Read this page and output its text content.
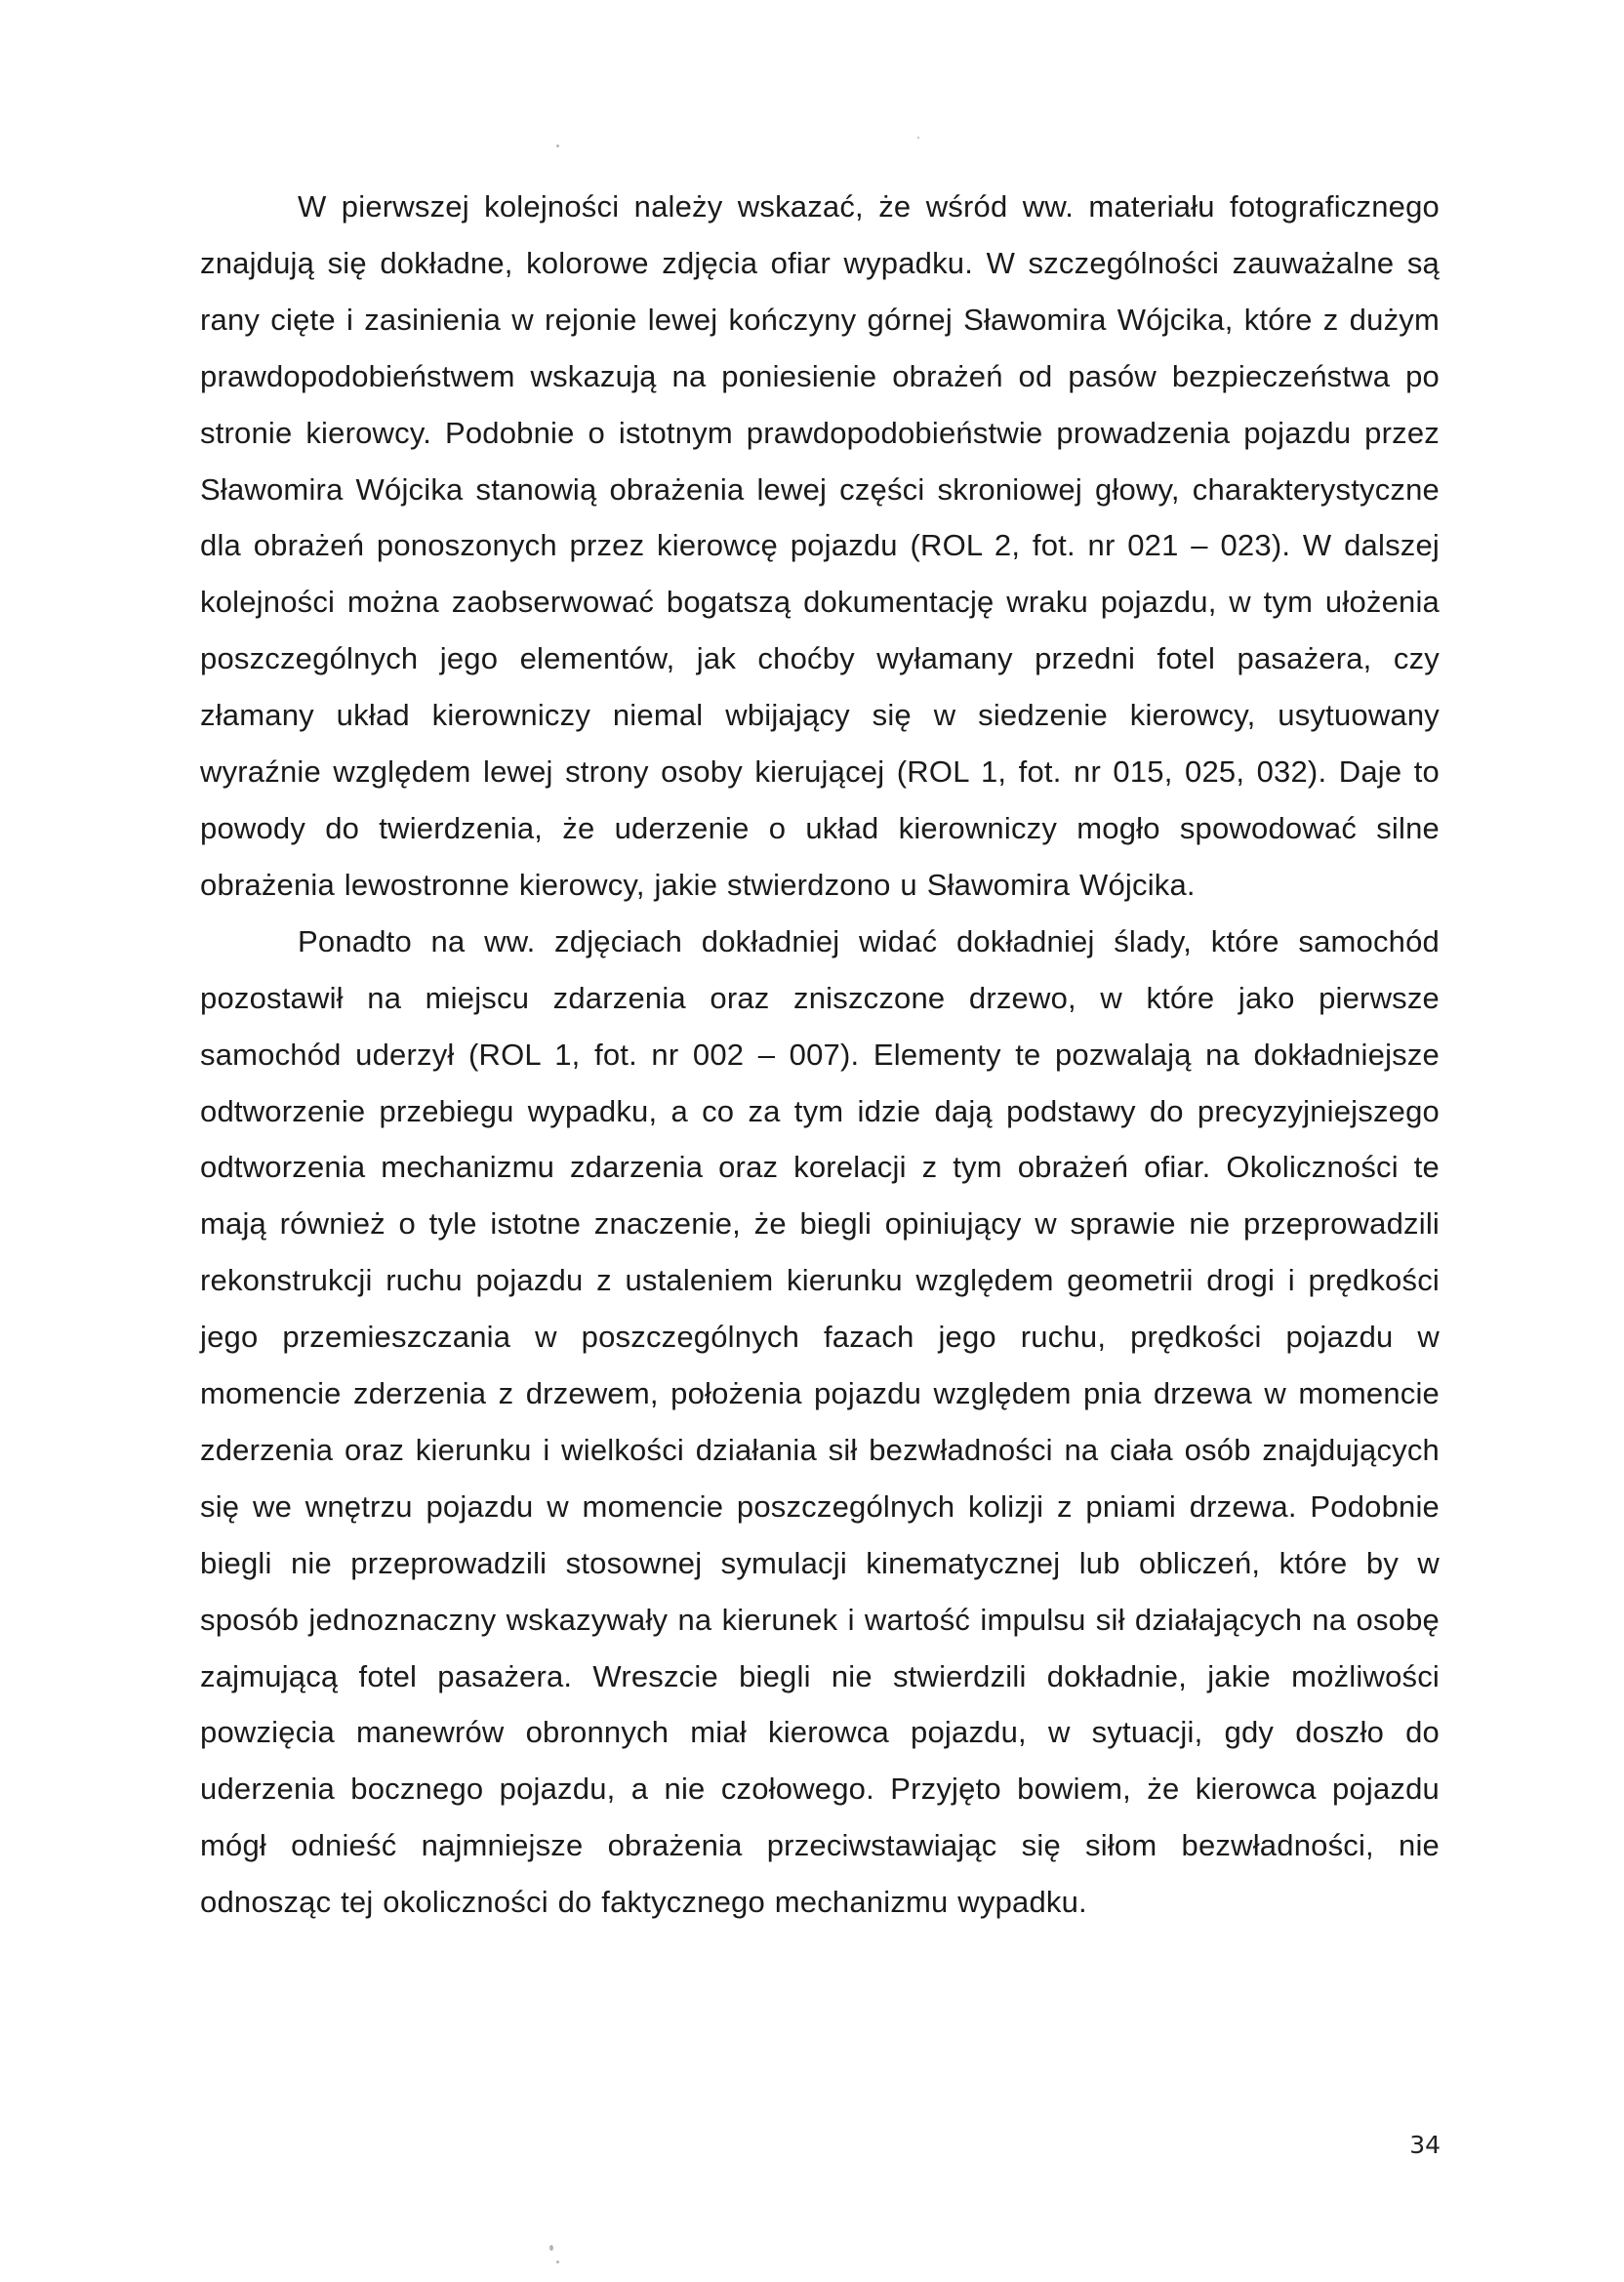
W pierwszej kolejności należy wskazać, że wśród ww. materiału fotograficznego znajdują się dokładne, kolorowe zdjęcia ofiar wypadku. W szczególności zauważalne są rany cięte i zasinienia w rejonie lewej kończyny górnej Sławomira Wójcika, które z dużym prawdopodobieństwem wskazują na poniesienie obrażeń od pasów bezpieczeństwa po stronie kierowcy. Podobnie o istotnym prawdopodobieństwie prowadzenia pojazdu przez Sławomira Wójcika stanowią obrażenia lewej części skroniowej głowy, charakterystyczne dla obrażeń ponoszonych przez kierowcę pojazdu (ROL 2, fot. nr 021 – 023). W dalszej kolejności można zaobserwować bogatszą dokumentację wraku pojazdu, w tym ułożenia poszczególnych jego elementów, jak choćby wyłamany przedni fotel pasażera, czy złamany układ kierowniczy niemal wbijający się w siedzenie kierowcy, usytuowany wyraźnie względem lewej strony osoby kierującej (ROL 1, fot. nr 015, 025, 032). Daje to powody do twierdzenia, że uderzenie o układ kierowniczy mogło spowodować silne obrażenia lewostronne kierowcy, jakie stwierdzono u Sławomira Wójcika.

Ponadto na ww. zdjęciach dokładniej widać dokładniej ślady, które samochód pozostawił na miejscu zdarzenia oraz zniszczone drzewo, w które jako pierwsze samochód uderzył (ROL 1, fot. nr 002 – 007). Elementy te pozwalają na dokładniejsze odtworzenie przebiegu wypadku, a co za tym idzie dają podstawy do precyzyjniejszego odtworzenia mechanizmu zdarzenia oraz korelacji z tym obrażeń ofiar. Okoliczności te mają również o tyle istotne znaczenie, że biegli opiniujący w sprawie nie przeprowadzili rekonstrukcji ruchu pojazdu z ustaleniem kierunku względem geometrii drogi i prędkości jego przemieszczania w poszczególnych fazach jego ruchu, prędkości pojazdu w momencie zderzenia z drzewem, położenia pojazdu względem pnia drzewa w momencie zderzenia oraz kierunku i wielkości działania sił bezwładności na ciała osób znajdujących się we wnętrzu pojazdu w momencie poszczególnych kolizji z pniami drzewa. Podobnie biegli nie przeprowadzili stosownej symulacji kinematycznej lub obliczeń, które by w sposób jednoznaczny wskazywały na kierunek i wartość impulsu sił działających na osobę zajmującą fotel pasażera. Wreszcie biegli nie stwierdzili dokładnie, jakie możliwości powzięcia manewrów obronnych miał kierowca pojazdu, w sytuacji, gdy doszło do uderzenia bocznego pojazdu, a nie czołowego. Przyjęto bowiem, że kierowca pojazdu mógł odnieść najmniejsze obrażenia przeciwstawiając się siłom bezwładności, nie odnosząc tej okoliczności do faktycznego mechanizmu wypadku.

34
